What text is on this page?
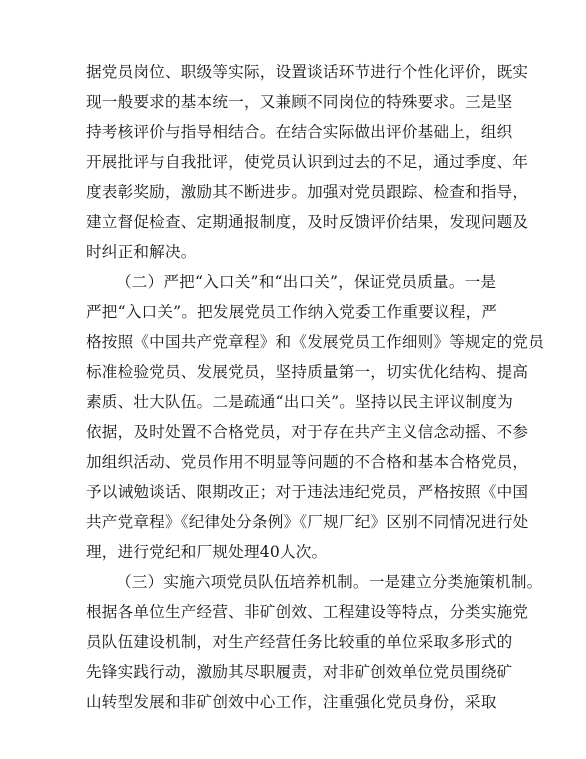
据党员岗位、职级等实际，设置谈话环节进行个性化评价，既实
现一般要求的基本统一，又兼顾不同岗位的特殊要求。三是坚
持考核评价与指导相结合。在结合实际做出评价基础上，组织
开展批评与自我批评，使党员认识到过去的不足，通过季度、年
度表彰奖励，激励其不断进步。加强对党员跟踪、检查和指导，
建立督促检查、定期通报制度，及时反馈评价结果，发现问题及
时纠正和解决。
（二）严把“入口关”和“出口关”，保证党员质量。一是
严把“入口关”。把发展党员工作纳入党委工作重要议程，严
格按照《中国共产党章程》和《发展党员工作细则》等规定的党员
标准检验党员、发展党员，坚持质量第一，切实优化结构、提高
素质、壮大队伍。二是疏通“出口关”。坚持以民主评议制度为
依据，及时处置不合格党员，对于存在共产主义信念动摇、不参
加组织活动、党员作用不明显等问题的不合格和基本合格党员，
予以诫勉谈话、限期改正；对于违法违纪党员，严格按照《中国
共产党章程》《纪律处分条例》《厂规厂纪》区别不同情况进行处
理，进行党纪和厂规处理40人次。
（三）实施六项党员队伍培养机制。一是建立分类施策机制。
根据各单位生产经营、非矿创效、工程建设等特点，分类实施党
员队伍建设机制，对生产经营任务比较重的单位采取多形式的
先锋实践行动，激励其尽职履责，对非矿创效单位党员围绕矿
山转型发展和非矿创效中心工作，注重强化党员身份，采取
